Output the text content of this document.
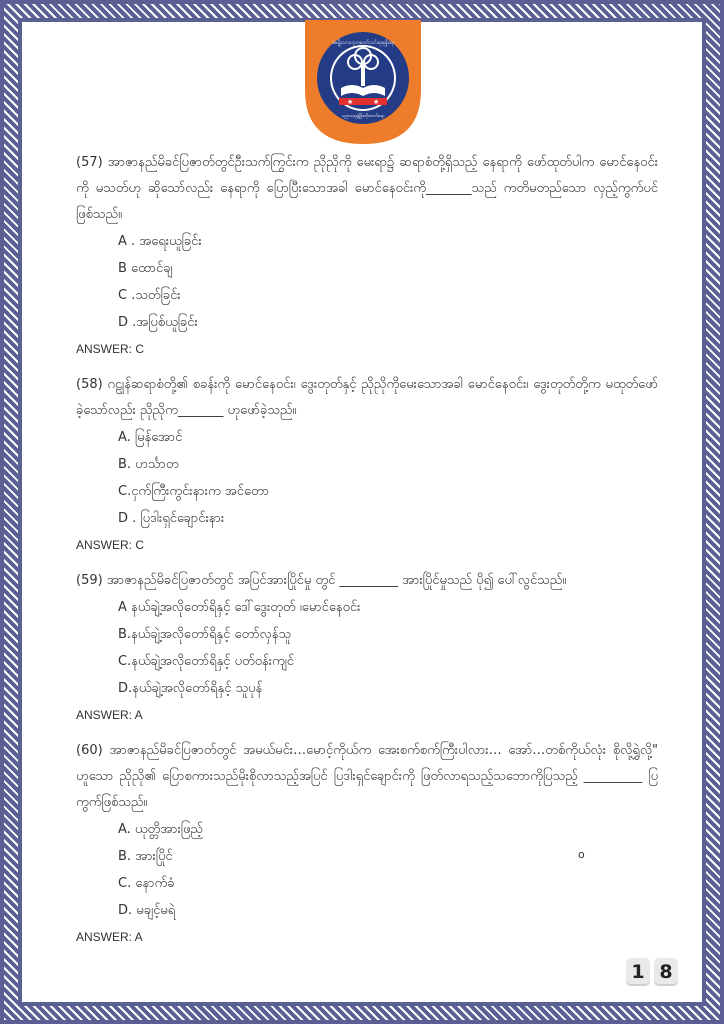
★	★
အမျိုးသားပညာတော်သင်ဆုရရှိရေး
ပညာရေးဖွံ့ဖြိုးတိုးတက်ရေး

(57) အာဇာနည်မိခင်ပြဇာတ်တွင်ဦးသက်ကြွင်းက ညိုညိုကို မေးရာ၌ ဆရာစံတို့ရှိသည့် နေရာကို ဖော်ထုတ်ပါက မောင်နေဝင်းကို မသတ်ဟု ဆိုသော်လည်း နေရာကို ပြောပြီးသောအခါ မောင်နေဝင်းကို_______သည် ကတိမတည်သော လှည့်ကွက်ပင်ဖြစ်သည်။

A . အရေးယူခြင်း

B ထောင်ချ

C .သတ်ခြင်း

D .အပြစ်ယူခြင်း

ANSWER: C

(58) ဂဠုန်ဆရာစံတို့၏ စခန်းကို မောင်နေဝင်း၊ ဒွေးတုတ်နှင့် ညိုညိုကိုမေးသောအခါ မောင်နေဝင်း၊ ဒွေးတုတ်တို့က မထုတ်ဖော်ခဲ့သော်လည်း ညိုညိုက_______ ဟုဖော်ခဲ့သည်။

A. မြန်အောင်

B. ဟင်္သာတ

C.ငှက်ကြီးကွင်းနားက အင်တော

D . ပြဒါးရှင်ချောင်းနား

ANSWER: C

(59) အာဇာနည်မိခင်ပြဇာတ်တွင် အပြင်အားပြိုင်မှု တွင် _________ အားပြိုင်မှုသည် ပို၍ ပေါ်လွင်သည်။

A နယ်ချဲ့အလိုတော်ရိနှင့် ဒေါ်ဒွေးတုတ် ၊မောင်နေဝင်း

B.နယ်ချဲ့အလိုတော်ရိနှင့် တော်လှန်သူ

C.နယ်ချဲ့အလိုတော်ရိနှင့် ပတ်ဝန်းကျင်

D.နယ်ချဲ့အလိုတော်ရိနှင့် သူပုန်

ANSWER: A

(60) အာဇာနည်မိခင်ပြဇာတ်တွင် အမယ်မင်း…မောင့်ကိုယ်က အေးစက်စက်ကြီးပါလား… အော်…တစ်ကိုယ်လုံး စိုလို့ရွှဲလို့" ဟူသော ညိုညို၏ ပြောစကားသည်မိုးစိုလာသည့်အပြင် ပြဒါးရှင်ချောင်းကို ဖြတ်လာရသည့်သဘောကိုပြသည့် _________ ပြကွက်ဖြစ်သည်။

A. ယုတ္တိအားဖြည့်

B. အားပြိုင်

C. နောက်ခံ

D. မချင့်မရဲ

ANSWER: A

o
1 8
